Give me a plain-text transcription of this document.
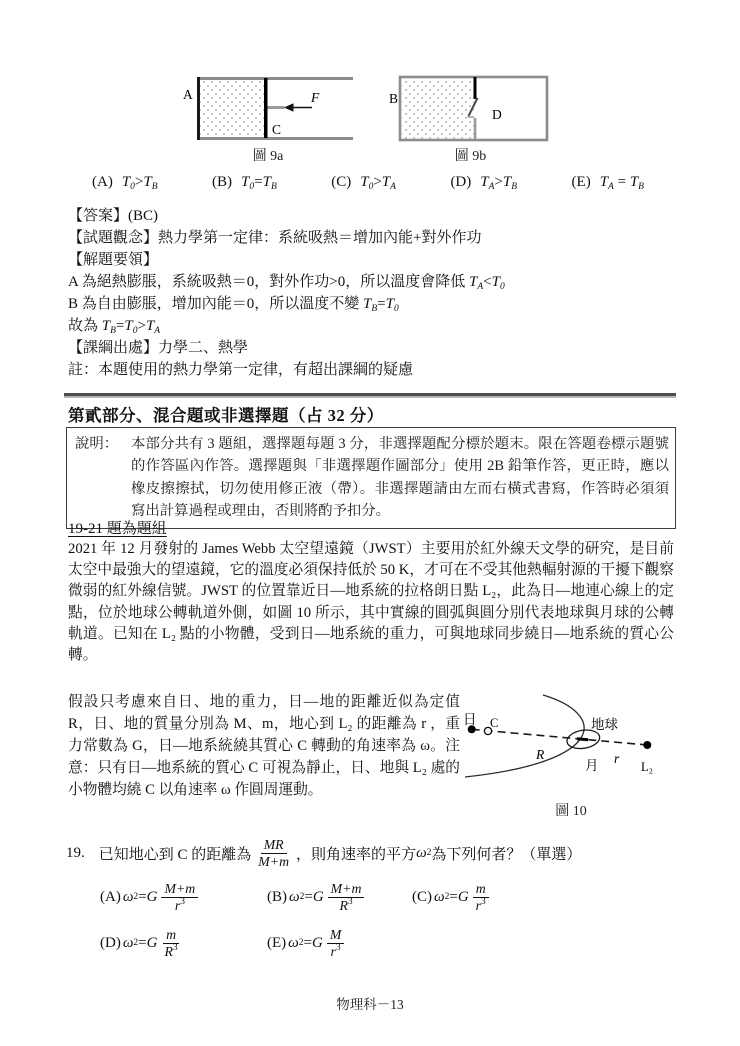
A	F
C
圖 9a
B
D
圖 9b
(A) $T_0>T_B$	(B) $T_0=T_B$	(C) $T_0>T_A$	(D) $T_A>T_B$	(E) $T_A = T_B$
【答案】(BC)
【試題觀念】熱力學第一定律：系統吸熱＝增加內能+對外作功
【解題要領】
A 為絕熱膨脹，系統吸熱＝0，對外作功>0，所以溫度會降低 $T_A<T_0$
B 為自由膨脹，增加內能＝0，所以溫度不變 $T_B=T_0$
故為 $T_B=T_0>T_A$
【課綱出處】力學二、熱學
註：本題使用的熱力學第一定律，有超出課綱的疑慮
第貳部分、混合題或非選擇題（占 32 分）
說明： 本部分共有 3 題組，選擇題每題 3 分，非選擇題配分標於題末。限在答題卷標示題號的作答區內作答。選擇題與「非選擇題作圖部分」使用 2B 鉛筆作答，更正時，應以橡皮擦擦拭，切勿使用修正液（帶）。非選擇題請由左而右橫式書寫，作答時必須須寫出計算過程或理由，否則將酌予扣分。
19-21 題為題組
2021 年 12 月發射的 James Webb 太空望遠鏡（JWST）主要用於紅外線天文學的研究，是目前太空中最強大的望遠鏡，它的溫度必須保持低於 50 K，才可在不受其他熱輻射源的干擾下觀察微弱的紅外線信號。JWST 的位置靠近日—地系統的拉格朗日點 L₂，此為日—地連心線上的定點，位於地球公轉軌道外側，如圖 10 所示，其中實線的圓弧與圓分別代表地球與月球的公轉軌道。已知在 L₂ 點的小物體，受到日—地系統的重力，可與地球同步繞日—地系統的質心公轉。
假設只考慮來自日、地的重力，日—地的距離近似為定值 R，日、地的質量分別為 M、m，地心到 L₂ 的距離為 r ，重力常數為 G，日—地系統繞其質心 C 轉動的角速率為 ω。注意：只有日—地系統的質心 C 可視為靜止，日、地與 L₂ 處的小物體均繞 C 以角速率 ω 作圓周運動。
日 C	地球
月
R	r
L₂
圖 10
19. 已知地心到 C 的距離為 $\frac{MR}{M+m}$ ，則角速率的平方 ω 2 為下列何者？（單選）
(A) ω 2 = G $\frac{M+m}{r^3}$	(B) ω 2 = G $\frac{M+m}{R^3}$	(C) ω 2 = G $\frac{m}{r^3}$
(D) ω 2 = G $\frac{m}{R^3}$	(E) ω 2 = G $\frac{M}{r^3}$
物理科－13
